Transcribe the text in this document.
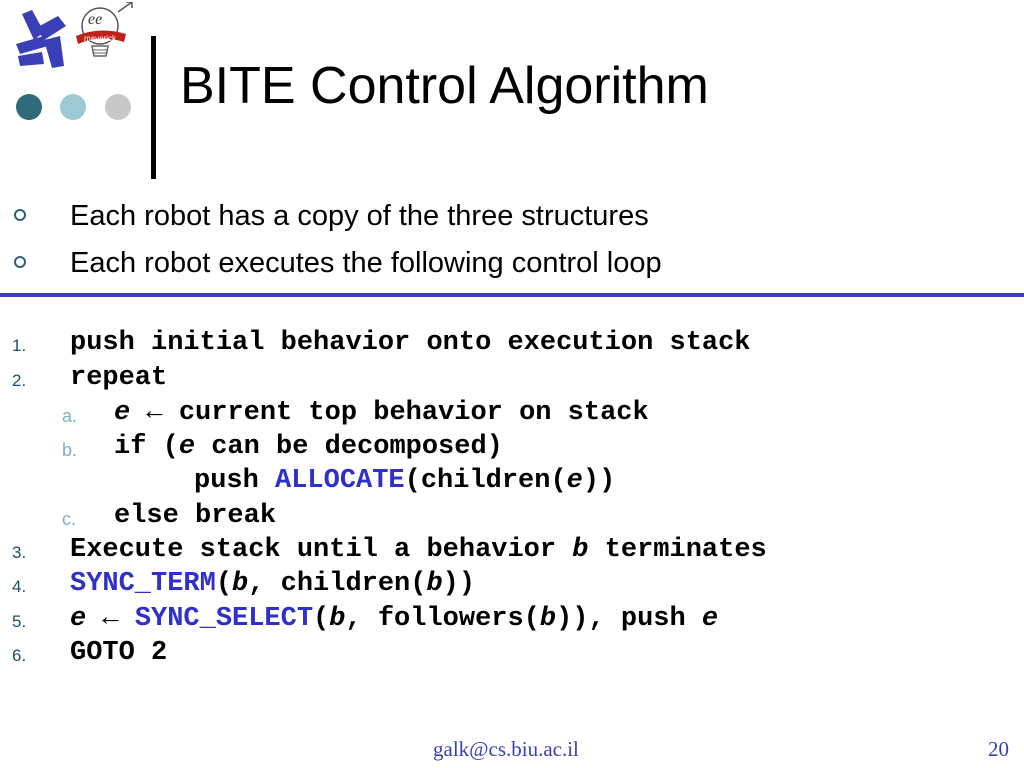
ee
maverick
BITE Control Algorithm
Each robot has a copy of the three structures
Each robot executes the following control loop
1. push initial behavior onto execution stack
2. repeat
a. e ← current top behavior on stack
b. if (e can be decomposed)
push ALLOCATE(children(e))
c. else break
3. Execute stack until a behavior b terminates
4. SYNC_TERM(b, children(b))
5. e ← SYNC_SELECT(b, followers(b)), push e
6. GOTO 2
galk@cs.biu.ac.il	20
